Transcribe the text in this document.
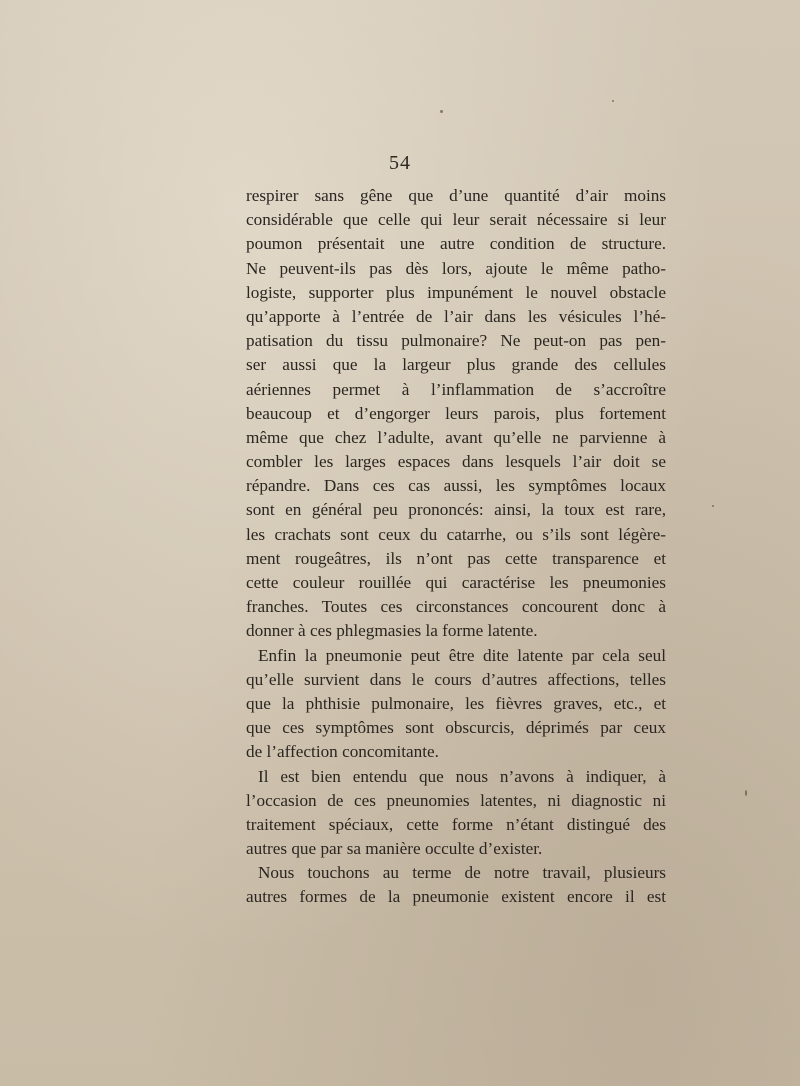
54
respirer sans gêne que d’une quantité d’air moins
considérable que celle qui leur serait nécessaire si leur
poumon présentait une autre condition de structure.
Ne peuvent-ils pas dès lors, ajoute le même patho-
logiste, supporter plus impunément le nouvel obstacle
qu’apporte à l’entrée de l’air dans les vésicules l’hé-
patisation du tissu pulmonaire? Ne peut-on pas pen-
ser aussi que la largeur plus grande des cellules
aériennes permet à l’inflammation de s’accroître
beaucoup et d’engorger leurs parois, plus fortement
même que chez l’adulte, avant qu’elle ne parvienne à
combler les larges espaces dans lesquels l’air doit se
répandre. Dans ces cas aussi, les symptômes locaux
sont en général peu prononcés: ainsi, la toux est rare,
les crachats sont ceux du catarrhe, ou s’ils sont légère-
ment rougeâtres, ils n’ont pas cette transparence et
cette couleur rouillée qui caractérise les pneumonies
franches. Toutes ces circonstances concourent donc à
donner à ces phlegmasies la forme latente.
Enfin la pneumonie peut être dite latente par cela seul
qu’elle survient dans le cours d’autres affections, telles
que la phthisie pulmonaire, les fièvres graves, etc., et
que ces symptômes sont obscurcis, déprimés par ceux
de l’affection concomitante.
Il est bien entendu que nous n’avons à indiquer, à
l’occasion de ces pneunomies latentes, ni diagnostic ni
traitement spéciaux, cette forme n’étant distingué des
autres que par sa manière occulte d’exister.
Nous touchons au terme de notre travail, plusieurs
autres formes de la pneumonie existent encore il est
